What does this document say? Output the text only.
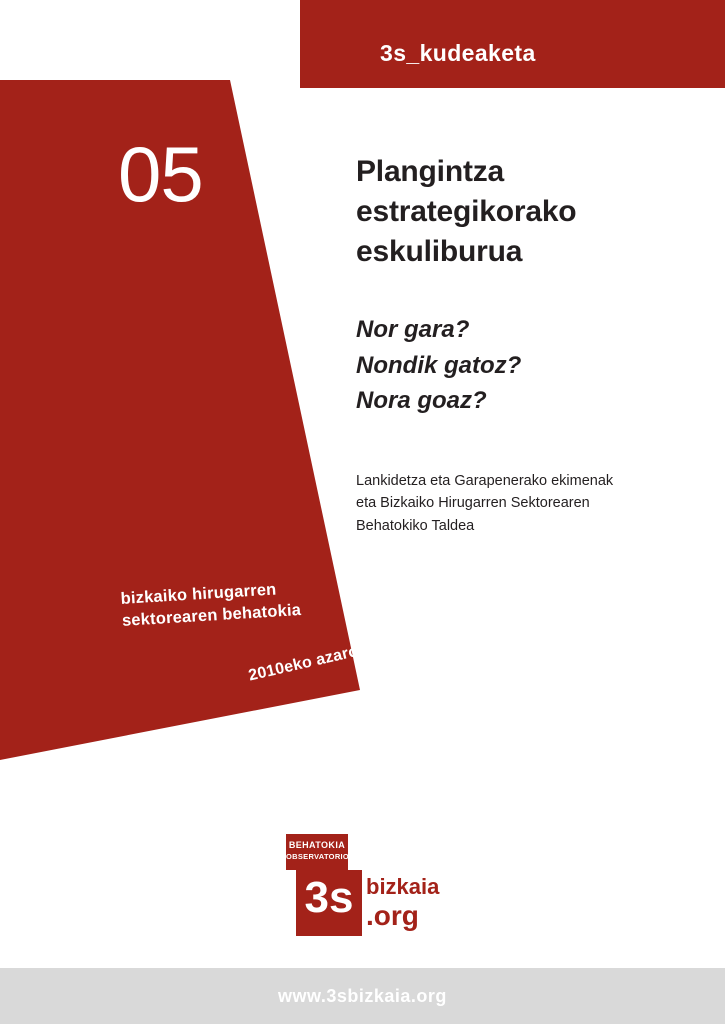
3s_kudeaketa
05
bizkaiko hirugarren
sektorearen behatokia
2010eko azaroa
Plangintza
estrategikorako
eskuliburua
Nor gara?
Nondik gatoz?
Nora goaz?
Lankidetza eta Garapenerako ekimenak
eta Bizkaiko Hirugarren Sektorearen
Behatokiko Taldea
BEHATOKIA
OBSERVATORIO
3s bizkaia
.org
www.3sbizkaia.org
